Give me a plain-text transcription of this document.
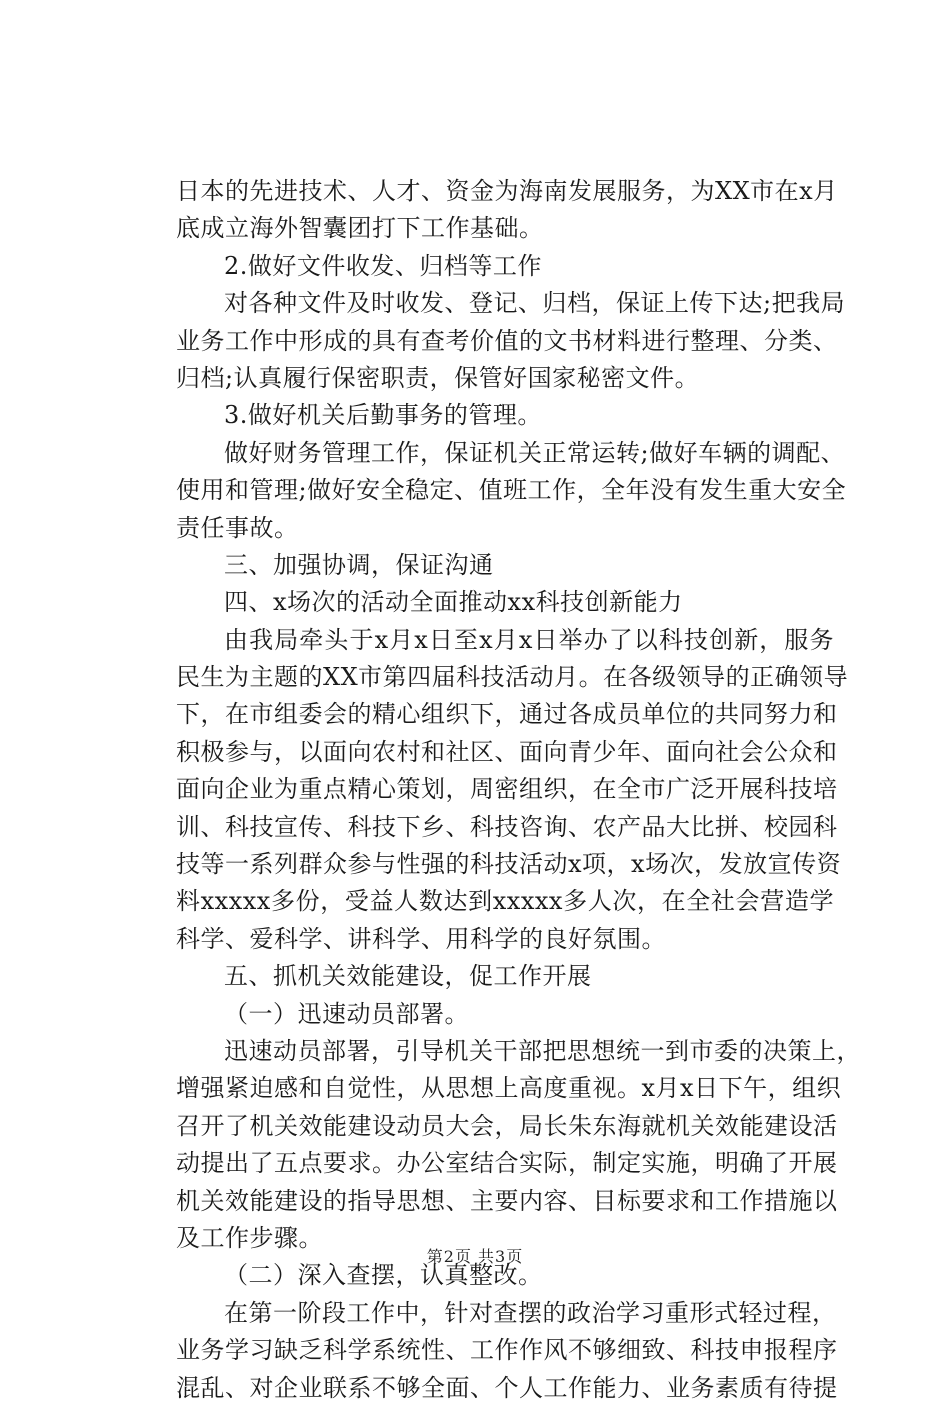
日本的先进技术、人才、资金为海南发展服务，为XX市在x月
底成立海外智囊团打下工作基础。
2.做好文件收发、归档等工作
对各种文件及时收发、登记、归档，保证上传下达;把我局
业务工作中形成的具有查考价值的文书材料进行整理、分类、
归档;认真履行保密职责，保管好国家秘密文件。
3.做好机关后勤事务的管理。
做好财务管理工作，保证机关正常运转;做好车辆的调配、
使用和管理;做好安全稳定、值班工作，全年没有发生重大安全
责任事故。
三、加强协调，保证沟通
四、x场次的活动全面推动xx科技创新能力
由我局牵头于x月x日至x月x日举办了以科技创新，服务
民生为主题的XX市第四届科技活动月。在各级领导的正确领导
下，在市组委会的精心组织下，通过各成员单位的共同努力和
积极参与，以面向农村和社区、面向青少年、面向社会公众和
面向企业为重点精心策划，周密组织，在全市广泛开展科技培
训、科技宣传、科技下乡、科技咨询、农产品大比拼、校园科
技等一系列群众参与性强的科技活动x项，x场次，发放宣传资
料xxxxx多份，受益人数达到xxxxx多人次，在全社会营造学
科学、爱科学、讲科学、用科学的良好氛围。
五、抓机关效能建设，促工作开展
（一）迅速动员部署。
迅速动员部署，引导机关干部把思想统一到市委的决策上，
增强紧迫感和自觉性，从思想上高度重视。x月x日下午，组织
召开了机关效能建设动员大会，局长朱东海就机关效能建设活
动提出了五点要求。办公室结合实际，制定实施，明确了开展
机关效能建设的指导思想、主要内容、目标要求和工作措施以
及工作步骤。
（二）深入查摆，认真整改。
在第一阶段工作中，针对查摆的政治学习重形式轻过程，
业务学习缺乏科学系统性、工作作风不够细致、科技申报程序
混乱、对企业联系不够全面、个人工作能力、业务素质有待提
第2页 共3页
